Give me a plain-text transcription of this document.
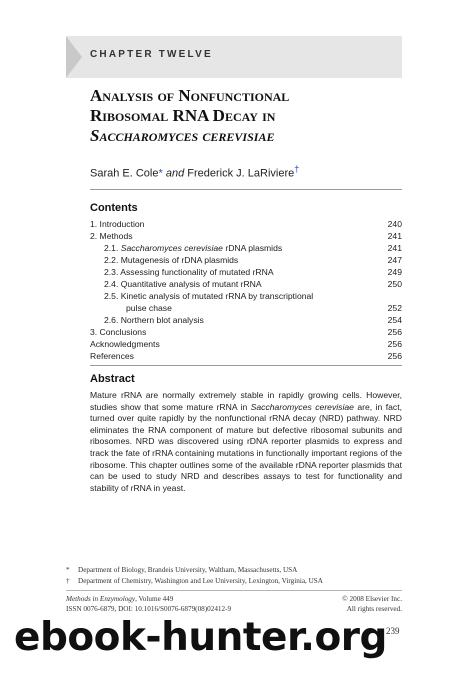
CHAPTER TWELVE
Analysis of Nonfunctional
Ribosomal RNA Decay in
Saccharomyces cerevisiae
Sarah E. Cole* and Frederick J. LaRiviere†
Contents
1. Introduction	240
2. Methods	241
2.1. Saccharomyces cerevisiae rDNA plasmids	241
2.2. Mutagenesis of rDNA plasmids	247
2.3. Assessing functionality of mutated rRNA	249
2.4. Quantitative analysis of mutant rRNA	250
2.5. Kinetic analysis of mutated rRNA by transcriptional
pulse chase	252
2.6. Northern blot analysis	254
3. Conclusions	256
Acknowledgments	256
References	256
Abstract
Mature rRNA are normally extremely stable in rapidly growing cells. However, studies show that some mature rRNA in Saccharomyces cerevisiae are, in fact, turned over quite rapidly by the nonfunctional rRNA decay (NRD) pathway. NRD eliminates the RNA component of mature but defective ribosomal subunits and ribosomes. NRD was discovered using rDNA reporter plasmids to express and track the fate of rRNA containing mutations in functionally important regions of the ribosome. This chapter outlines some of the available rDNA reporter plasmids that can be used to study NRD and describes assays to test for functionality and stability of rRNA in yeast.
* Department of Biology, Brandeis University, Waltham, Massachusetts, USA
† Department of Chemistry, Washington and Lee University, Lexington, Virginia, USA
Methods in Enzymology, Volume 449	© 2008 Elsevier Inc.
ISSN 0076-6879, DOI: 10.1016/S0076-6879(08)02412-9	All rights reserved.
239
ebook-hunter.org
